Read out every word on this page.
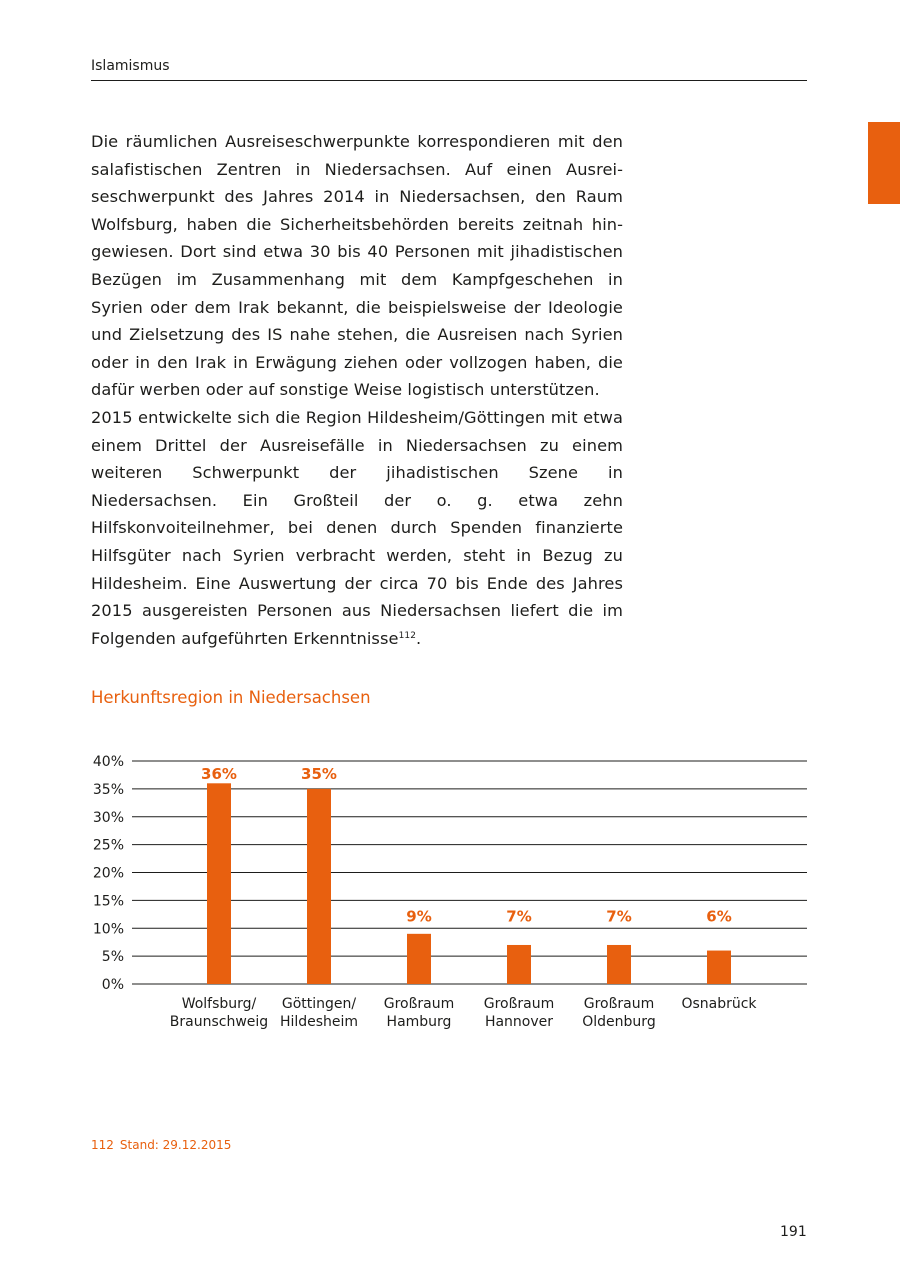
Islamismus

Die räumlichen Ausreiseschwerpunkte korrespondieren mit den salafistischen Zentren in Niedersachsen. Auf einen Ausreiseschwerpunkt des Jahres 2014 in Niedersachsen, den Raum Wolfsburg, haben die Sicherheitsbehörden bereits zeitnah hingewiesen. Dort sind etwa 30 bis 40 Personen mit jihadistischen Bezügen im Zusammenhang mit dem Kampfgeschehen in Syrien oder dem Irak bekannt, die beispielsweise der Ideologie und Zielsetzung des IS nahe stehen, die Ausreisen nach Syrien oder in den Irak in Erwägung ziehen oder vollzogen haben, die dafür werben oder auf sonstige Weise logistisch unterstützen.

2015 entwickelte sich die Region Hildesheim/Göttingen mit etwa einem Drittel der Ausreisefälle in Niedersachsen zu einem weiteren Schwerpunkt der jihadistischen Szene in Niedersachsen. Ein Großteil der o. g. etwa zehn Hilfskonvoiteilnehmer, bei denen durch Spenden finanzierte Hilfsgüter nach Syrien verbracht werden, steht in Bezug zu Hildesheim. Eine Auswertung der circa 70 bis Ende des Jahres 2015 ausgereisten Personen aus Niedersachsen liefert die im Folgenden aufgeführten Erkenntnisse$^{112}$.

Herkunftsregion in Niedersachsen
0%
5%
10%
15%
20%
25%
30%
35%
40%
36%	35%
9%	7%	7%	6%
Wolfsburg/
Braunschweig
Göttingen/
Hildesheim
Großraum
Hamburg
Großraum
Hannover
Großraum
Oldenburg
Osnabrück
112 Stand: 29.12.2015
191
